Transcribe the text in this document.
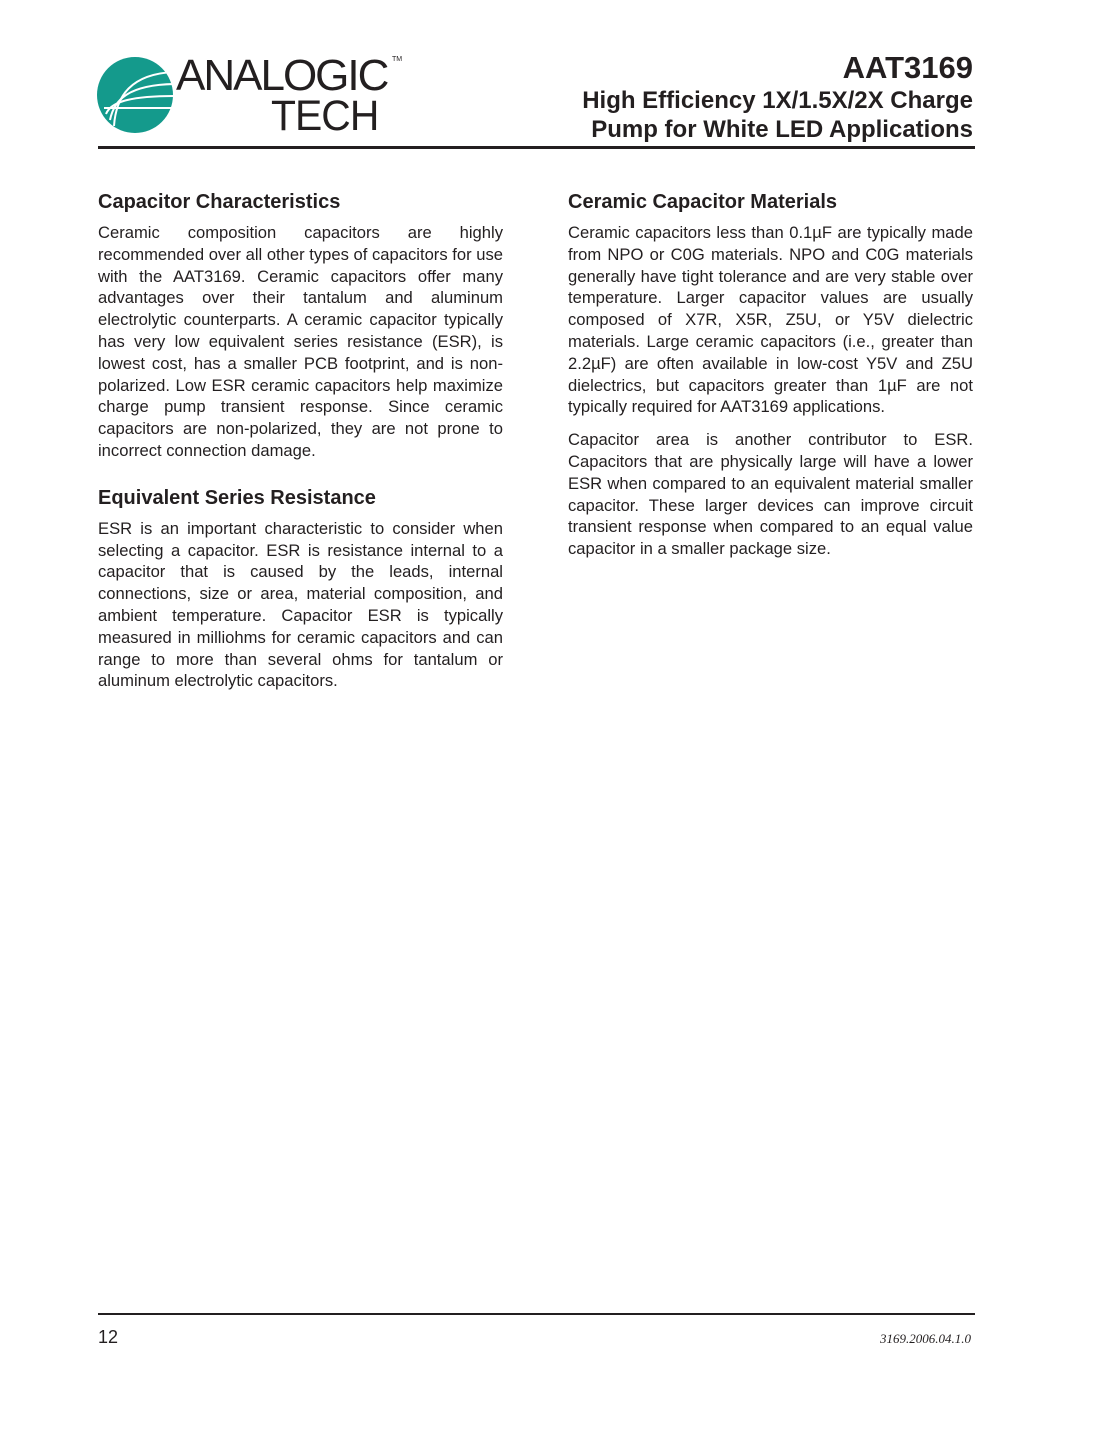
ANALOGIC TM
TECH
AAT3169
High Efficiency 1X/1.5X/2X Charge
Pump for White LED Applications
Capacitor Characteristics

Ceramic composition capacitors are highly recommended over all other types of capacitors for use with the AAT3169. Ceramic capacitors offer many advantages over their tantalum and aluminum electrolytic counterparts. A ceramic capacitor typically has very low equivalent series resistance (ESR), is lowest cost, has a smaller PCB footprint, and is non-polarized. Low ESR ceramic capacitors help maximize charge pump transient response. Since ceramic capacitors are non-polarized, they are not prone to incorrect connection damage.

Equivalent Series Resistance

ESR is an important characteristic to consider when selecting a capacitor. ESR is resistance internal to a capacitor that is caused by the leads, internal connections, size or area, material composition, and ambient temperature. Capacitor ESR is typically measured in milliohms for ceramic capacitors and can range to more than several ohms for tantalum or aluminum electrolytic capacitors.

Ceramic Capacitor Materials

Ceramic capacitors less than 0.1µF are typically made from NPO or C0G materials. NPO and C0G materials generally have tight tolerance and are very stable over temperature. Larger capacitor values are usually composed of X7R, X5R, Z5U, or Y5V dielectric materials. Large ceramic capacitors (i.e., greater than 2.2µF) are often available in low-cost Y5V and Z5U dielectrics, but capacitors greater than 1µF are not typically required for AAT3169 applications.

Capacitor area is another contributor to ESR. Capacitors that are physically large will have a lower ESR when compared to an equivalent material smaller capacitor. These larger devices can improve circuit transient response when compared to an equal value capacitor in a smaller package size.

12	3169.2006.04.1.0
